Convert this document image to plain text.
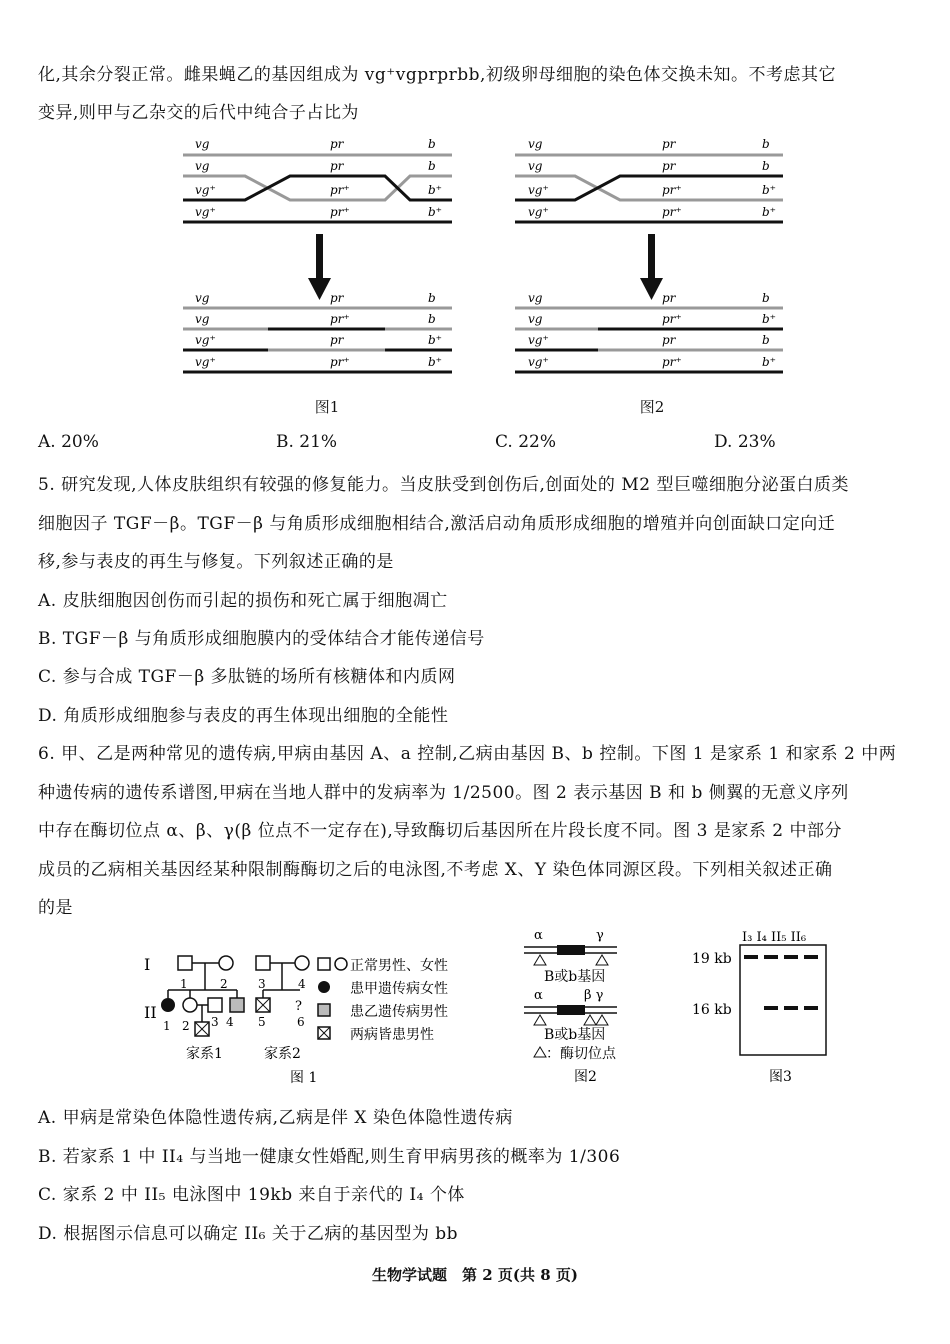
化,其余分裂正常。雌果蝇乙的基因组成为 vg⁺vgprprbb,初级卵母细胞的染色体交换未知。不考虑其它
变异,则甲与乙杂交的后代中纯合子占比为
vg
vg
vg⁺
vg⁺
pr
pr
pr⁺
pr⁺
b
b
b⁺
b⁺
vg
vg
vg⁺
vg⁺
pr
pr⁺
pr
pr⁺
b
b
b⁺
b⁺
vg
vg
vg⁺
vg⁺
pr
pr
pr⁺
pr⁺
b
b
b⁺
b⁺
vg
vg
vg⁺
vg⁺
pr
pr⁺
pr
pr⁺
b
b⁺
b
b⁺
图1	图2
A. 20%	B. 21%	C. 22%	D. 23%
5. 研究发现,人体皮肤组织有较强的修复能力。当皮肤受到创伤后,创面处的 M2 型巨噬细胞分泌蛋白质类
细胞因子 TGF－β。TGF－β 与角质形成细胞相结合,激活启动角质形成细胞的增殖并向创面缺口定向迁
移,参与表皮的再生与修复。下列叙述正确的是
A. 皮肤细胞因创伤而引起的损伤和死亡属于细胞凋亡
B. TGF－β 与角质形成细胞膜内的受体结合才能传递信号
C. 参与合成 TGF－β 多肽链的场所有核糖体和内质网
D. 角质形成细胞参与表皮的再生体现出细胞的全能性
6. 甲、乙是两种常见的遗传病,甲病由基因 A、a 控制,乙病由基因 B、b 控制。下图 1 是家系 1 和家系 2 中两
种遗传病的遗传系谱图,甲病在当地人群中的发病率为 1/2500。图 2 表示基因 B 和 b 侧翼的无意义序列
中存在酶切位点 α、β、γ(β 位点不一定存在),导致酶切后基因所在片段长度不同。图 3 是家系 2 中部分
成员的乙病相关基因经某种限制酶酶切之后的电泳图,不考虑 X、Y 染色体同源区段。下列相关叙述正确
的是
I
II
1	2
1 2 3 4
家系1
3	4
?
5	6
家系2
正常男性、女性
患甲遗传病女性
患乙遗传病男性
两病皆患男性
图 1
α	γ
B或b基因
α	β γ
B或b基因
：酶切位点
图2
I₃ I₄ II₅ II₆
19 kb
16 kb
图3
A. 甲病是常染色体隐性遗传病,乙病是伴 X 染色体隐性遗传病
B. 若家系 1 中 II₄ 与当地一健康女性婚配,则生育甲病男孩的概率为 1/306
C. 家系 2 中 II₅ 电泳图中 19kb 来自于亲代的 I₄ 个体
D. 根据图示信息可以确定 II₆ 关于乙病的基因型为 bb
生物学试题　第 2 页(共 8 页)
